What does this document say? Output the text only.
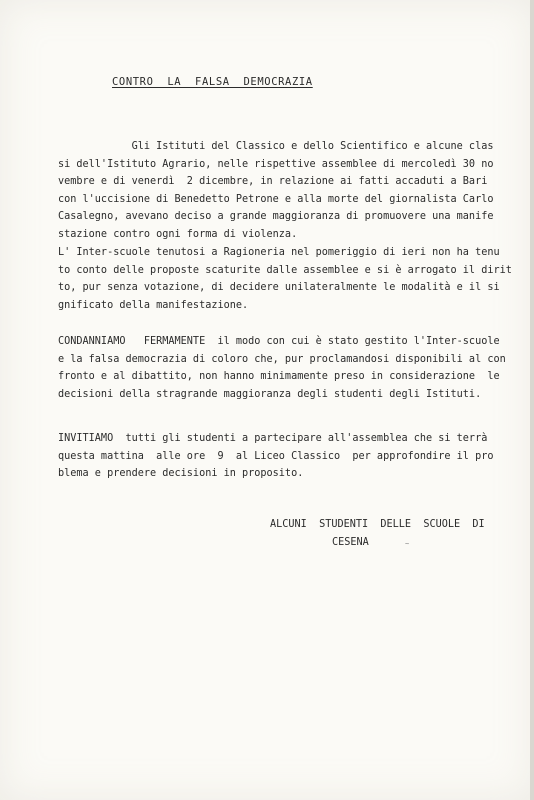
CONTRO  LA  FALSA  DEMOCRAZIA
Gli Istituti del Classico e dello Scientifico e alcune clas
si dell'Istituto Agrario, nelle rispettive assemblee di mercoledì 30 no
vembre e di venerdì  2 dicembre, in relazione ai fatti accaduti a Bari
con l'uccisione di Benedetto Petrone e alla morte del giornalista Carlo
Casalegno, avevano deciso a grande maggioranza di promuovere una manife
stazione contro ogni forma di violenza.
L' Inter-scuole tenutosi a Ragioneria nel pomeriggio di ieri non ha tenu
to conto delle proposte scaturite dalle assemblee e si è arrogato il dirit
to, pur senza votazione, di decidere unilateralmente le modalità e il si
gnificato della manifestazione.
CONDANNIAMO   FERMAMENTE  il modo con cui è stato gestito l'Inter-scuole
e la falsa democrazia di coloro che, pur proclamandosi disponibili al con
fronto e al dibattito, non hanno minimamente preso in considerazione  le
decisioni della stragrande maggioranza degli studenti degli Istituti.
INVITIAMO  tutti gli studenti a partecipare all'assemblea che si terrà
questa mattina  alle ore  9  al Liceo Classico  per approfondire il pro
blema e prendere decisioni in proposito.
ALCUNI  STUDENTI  DELLE  SCUOLE  DI
CESENA	~
